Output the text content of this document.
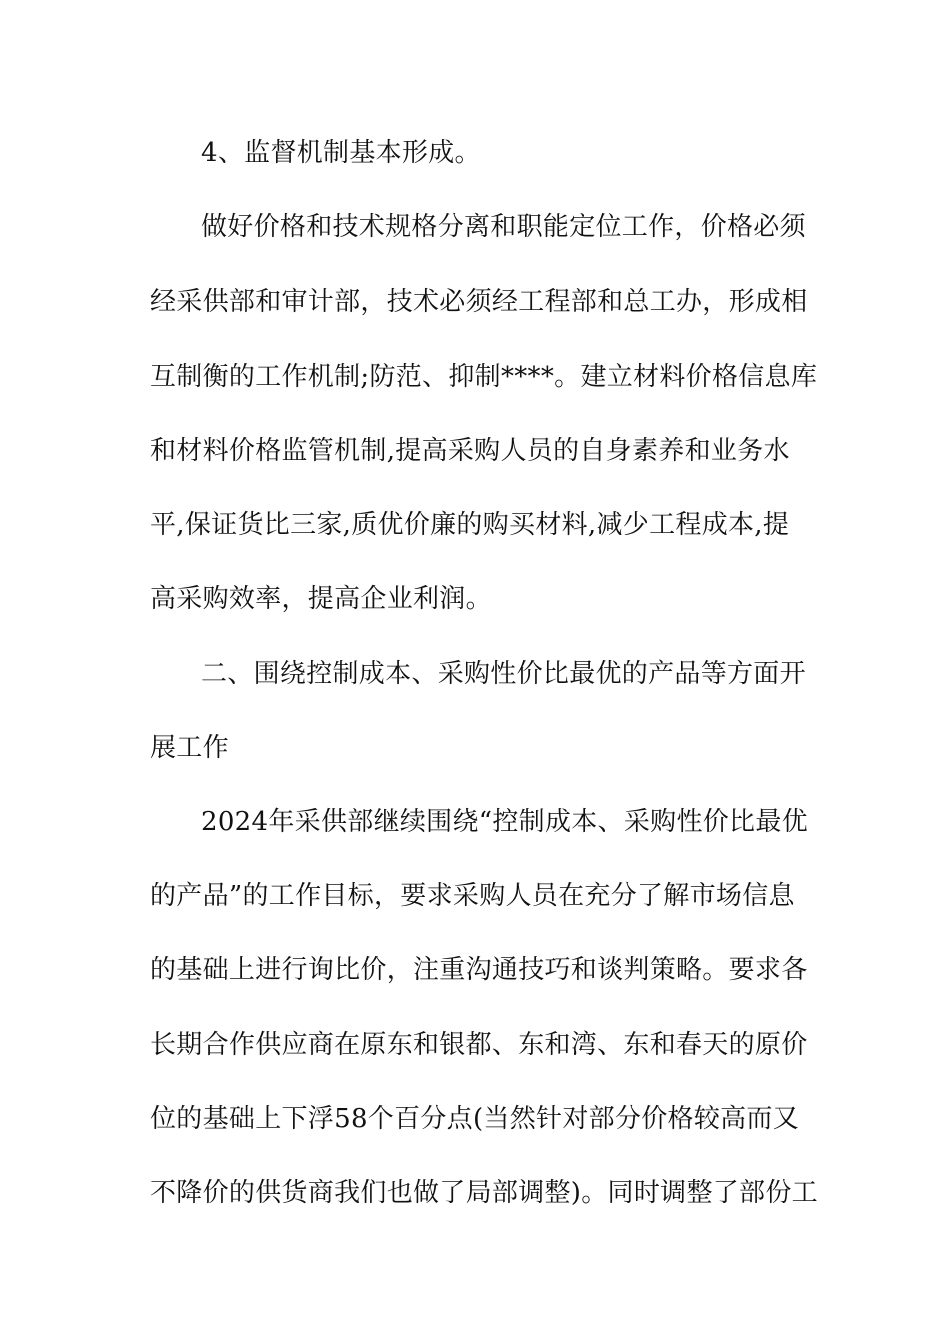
4、监督机制基本形成。
做好价格和技术规格分离和职能定位工作，价格必须
经采供部和审计部，技术必须经工程部和总工办，形成相
互制衡的工作机制;防范、抑制****。建立材料价格信息库
和材料价格监管机制,提高采购人员的自身素养和业务水
平,保证货比三家,质优价廉的购买材料,减少工程成本,提
高采购效率，提高企业利润。
二、围绕控制成本、采购性价比最优的产品等方面开
展工作
2024年采供部继续围绕“控制成本、采购性价比最优
的产品”的工作目标，要求采购人员在充分了解市场信息
的基础上进行询比价，注重沟通技巧和谈判策略。要求各
长期合作供应商在原东和银都、东和湾、东和春天的原价
位的基础上下浮58个百分点(当然针对部分价格较高而又
不降价的供货商我们也做了局部调整)。同时调整了部份工
